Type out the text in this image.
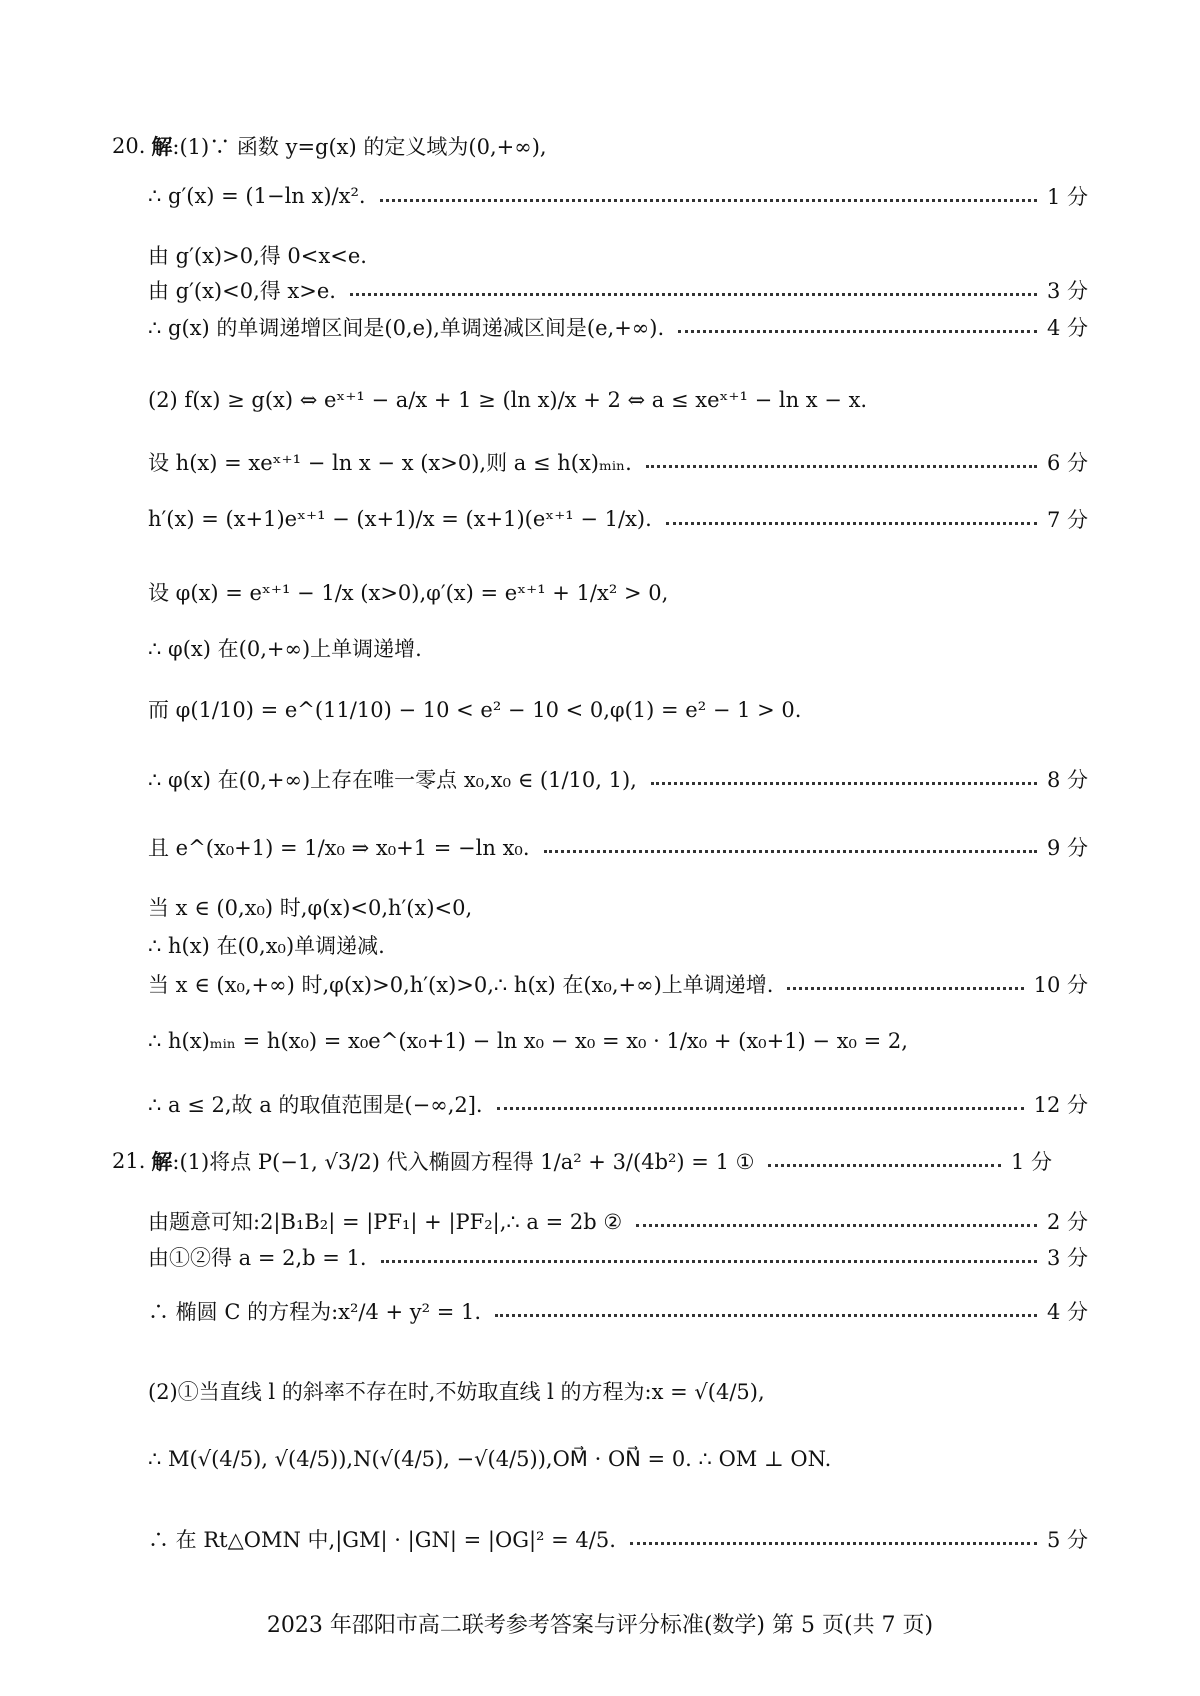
20. 解 :(1)∵ 函数 y=g(x) 的定义域为(0,+∞),
∴ g′(x) = (1−ln x)/x².	1 分
由 g′(x)>0,得 0<x<e.
由 g′(x)<0,得 x>e.	3 分
∴ g(x) 的单调递增区间是(0,e),单调递减区间是(e,+∞).	4 分
(2) f(x) ≥ g(x) ⇔ eˣ⁺¹ − a/x + 1 ≥ (ln x)/x + 2 ⇔ a ≤ xeˣ⁺¹ − ln x − x.
设 h(x) = xeˣ⁺¹ − ln x − x (x>0),则 a ≤ h(x)ₘᵢₙ.	6 分
h′(x) = (x+1)eˣ⁺¹ − (x+1)/x = (x+1)(eˣ⁺¹ − 1/x).	7 分
设 φ(x) = eˣ⁺¹ − 1/x (x>0),φ′(x) = eˣ⁺¹ + 1/x² > 0,
∴ φ(x) 在(0,+∞)上单调递增.
而 φ(1/10) = e^(11/10) − 10 < e² − 10 < 0,φ(1) = e² − 1 > 0.
∴ φ(x) 在(0,+∞)上存在唯一零点 x₀,x₀ ∈ (1/10, 1),	8 分
且 e^(x₀+1) = 1/x₀ ⇒ x₀+1 = −ln x₀.	9 分
当 x ∈ (0,x₀) 时,φ(x)<0,h′(x)<0,
∴ h(x) 在(0,x₀)单调递减.
当 x ∈ (x₀,+∞) 时,φ(x)>0,h′(x)>0,∴ h(x) 在(x₀,+∞)上单调递增.	10 分
∴ h(x)ₘᵢₙ = h(x₀) = x₀e^(x₀+1) − ln x₀ − x₀ = x₀ · 1/x₀ + (x₀+1) − x₀ = 2,
∴ a ≤ 2,故 a 的取值范围是(−∞,2].	12 分
21. 解 :(1)将点 P(−1, √3/2) 代入椭圆方程得 1/a² + 3/(4b²) = 1 ①	1 分
由题意可知:2|B₁B₂| = |PF₁| + |PF₂|,∴ a = 2b ②	2 分
由①②得 a = 2,b = 1.	3 分
∴ 椭圆 C 的方程为:x²/4 + y² = 1.	4 分
(2)①当直线 l 的斜率不存在时,不妨取直线 l 的方程为:x = √(4/5),
∴ M(√(4/5), √(4/5)),N(√(4/5), −√(4/5)),OM⃗ · ON⃗ = 0. ∴ OM ⊥ ON.
∴ 在 Rt△OMN 中,|GM| · |GN| = |OG|² = 4/5.	5 分
2023 年邵阳市高二联考参考答案与评分标准(数学) 第 5 页(共 7 页)
